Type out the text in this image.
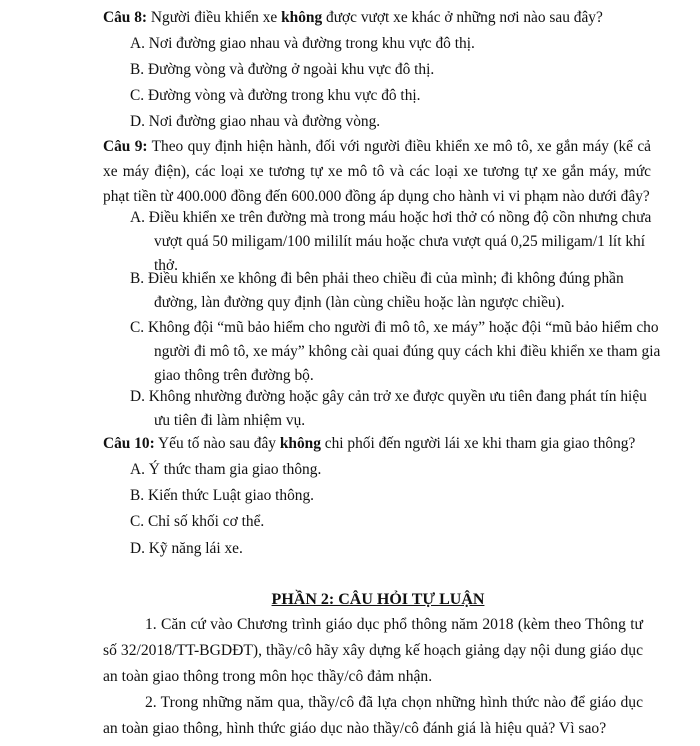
Câu 8: Người điều khiển xe không được vượt xe khác ở những nơi nào sau đây?
A. Nơi đường giao nhau và đường trong khu vực đô thị.
B. Đường vòng và đường ở ngoài khu vực đô thị.
C. Đường vòng và đường trong khu vực đô thị.
D. Nơi đường giao nhau và đường vòng.
Câu 9: Theo quy định hiện hành, đối với người điều khiển xe mô tô, xe gắn máy (kể cả xe máy điện), các loại xe tương tự xe mô tô và các loại xe tương tự xe gắn máy, mức phạt tiền từ 400.000 đồng đến 600.000 đồng áp dụng cho hành vi vi phạm nào dưới đây?
A. Điều khiển xe trên đường mà trong máu hoặc hơi thở có nồng độ cồn nhưng chưa vượt quá 50 miligam/100 mililít máu hoặc chưa vượt quá 0,25 miligam/1 lít khí thở.
B. Điều khiển xe không đi bên phải theo chiều đi của mình; đi không đúng phần đường, làn đường quy định (làn cùng chiều hoặc làn ngược chiều).
C. Không đội “mũ bảo hiểm cho người đi mô tô, xe máy” hoặc đội “mũ bảo hiểm cho người đi mô tô, xe máy” không cài quai đúng quy cách khi điều khiển xe tham gia giao thông trên đường bộ.
D. Không nhường đường hoặc gây cản trở xe được quyền ưu tiên đang phát tín hiệu ưu tiên đi làm nhiệm vụ.
Câu 10: Yếu tố nào sau đây không chi phối đến người lái xe khi tham gia giao thông?
A. Ý thức tham gia giao thông.
B. Kiến thức Luật giao thông.
C. Chỉ số khối cơ thể.
D. Kỹ năng lái xe.
PHẦN 2: CÂU HỎI TỰ LUẬN
1. Căn cứ vào Chương trình giáo dục phổ thông năm 2018 (kèm theo Thông tư số 32/2018/TT-BGDĐT), thầy/cô hãy xây dựng kế hoạch giảng dạy nội dung giáo dục an toàn giao thông trong môn học thầy/cô đảm nhận.
2. Trong những năm qua, thầy/cô đã lựa chọn những hình thức nào để giáo dục an toàn giao thông, hình thức giáo dục nào thầy/cô đánh giá là hiệu quả? Vì sao?
